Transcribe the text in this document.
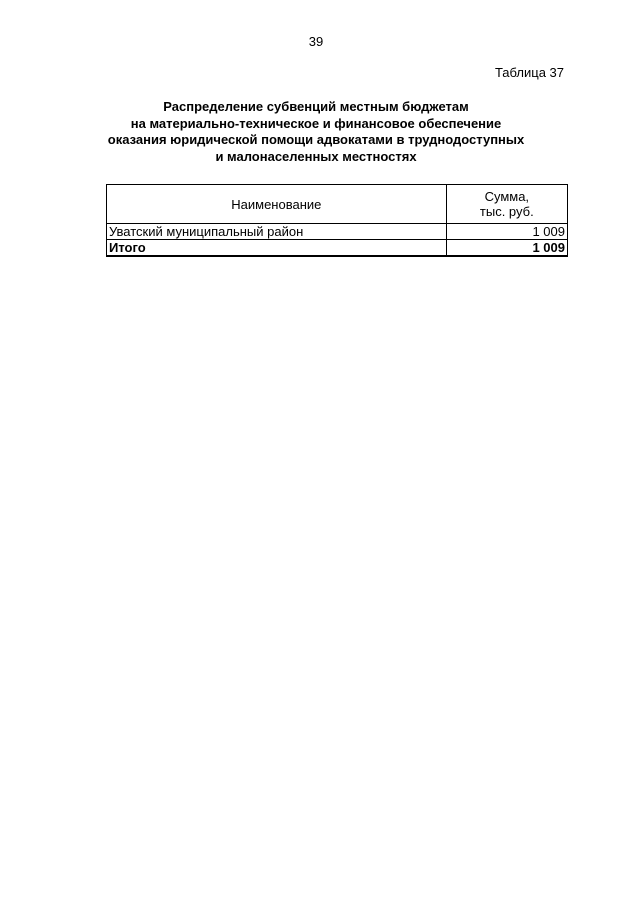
39
Таблица 37
Распределение субвенций местным бюджетам
на материально-техническое и финансовое обеспечение
оказания юридической помощи адвокатами в труднодоступных
и малонаселенных местностях
Наименование	Сумма,
тыс. руб.

Уватский муниципальный район	1 009
Итого	1 009
